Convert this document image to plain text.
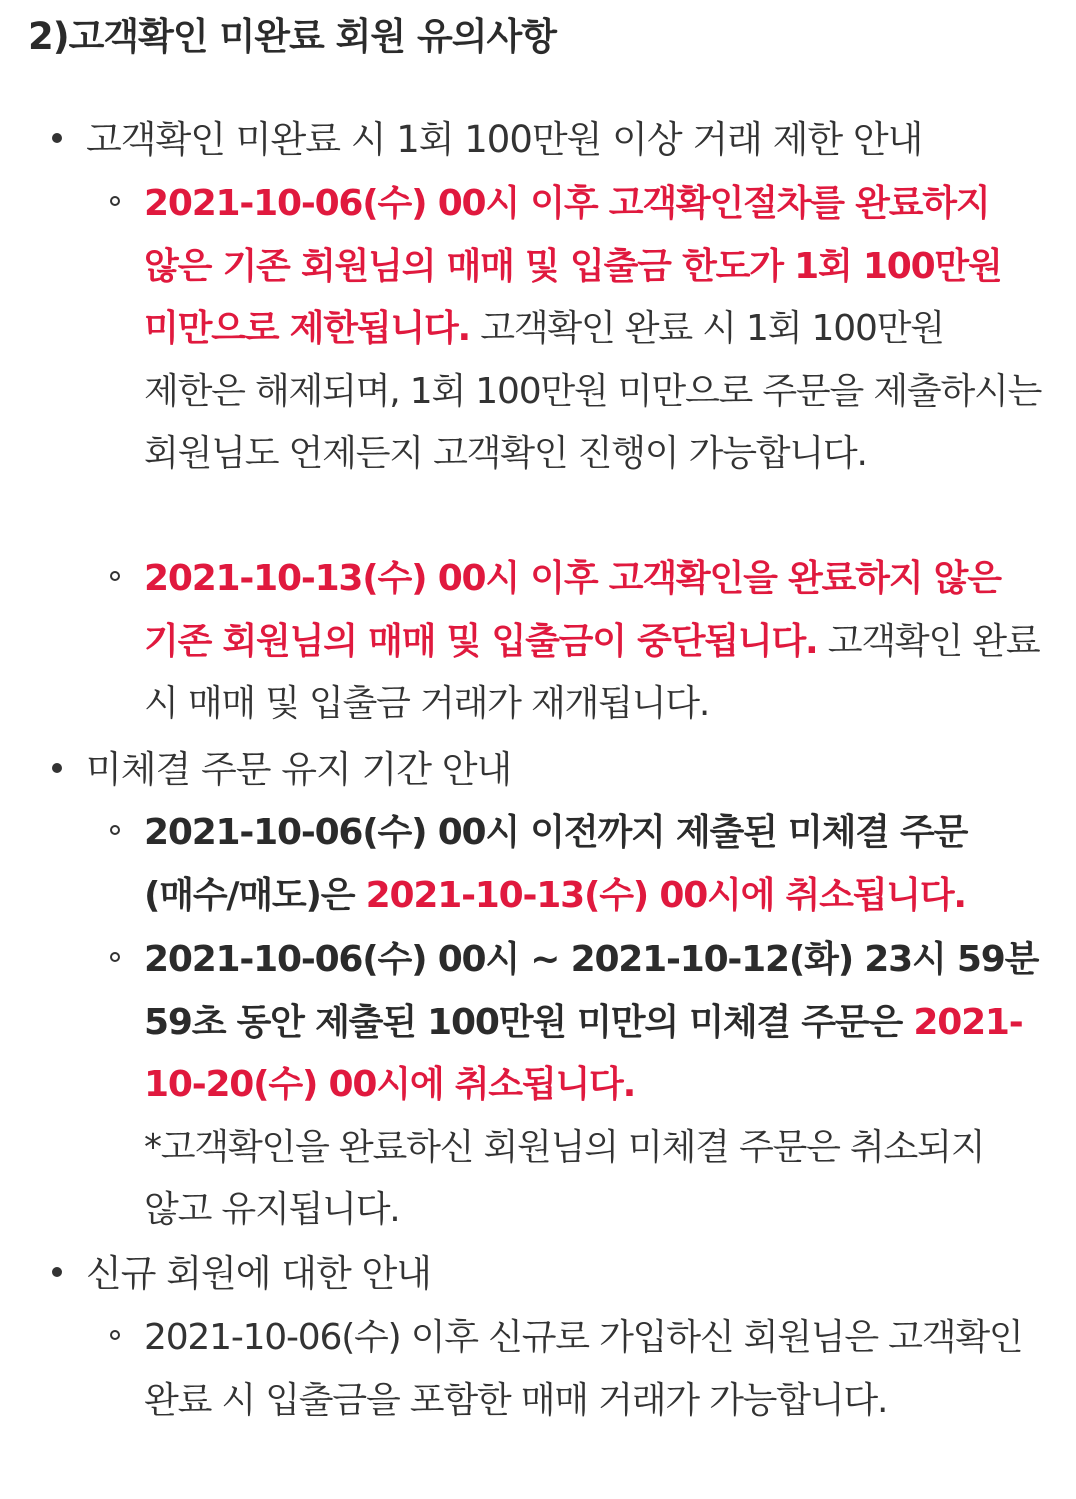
2)고객확인 미완료 회원 유의사항
고객확인 미완료 시 1회 100만원 이상 거래 제한 안내
2021-10-06(수) 00시 이후 고객확인절차를 완료하지 않은 기존 회원님의 매매 및 입출금 한도가 1회 100만원 미만으로 제한됩니다. 고객확인 완료 시 1회 100만원 제한은 해제되며, 1회 100만원 미만으로 주문을 제출하시는 회원님도 언제든지 고객확인 진행이 가능합니다.
2021-10-13(수) 00시 이후 고객확인을 완료하지 않은 기존 회원님의 매매 및 입출금이 중단됩니다. 고객확인 완료 시 매매 및 입출금 거래가 재개됩니다.
미체결 주문 유지 기간 안내
2021-10-06(수) 00시 이전까지 제출된 미체결 주문(매수/매도)은 2021-10-13(수) 00시에 취소됩니다.
2021-10-06(수) 00시 ~ 2021-10-12(화) 23시 59분 59초 동안 제출된 100만원 미만의 미체결 주문은 2021-10-20(수) 00시에 취소됩니다.
*고객확인을 완료하신 회원님의 미체결 주문은 취소되지 않고 유지됩니다.
신규 회원에 대한 안내
2021-10-06(수) 이후 신규로 가입하신 회원님은 고객확인 완료 시 입출금을 포함한 매매 거래가 가능합니다.
